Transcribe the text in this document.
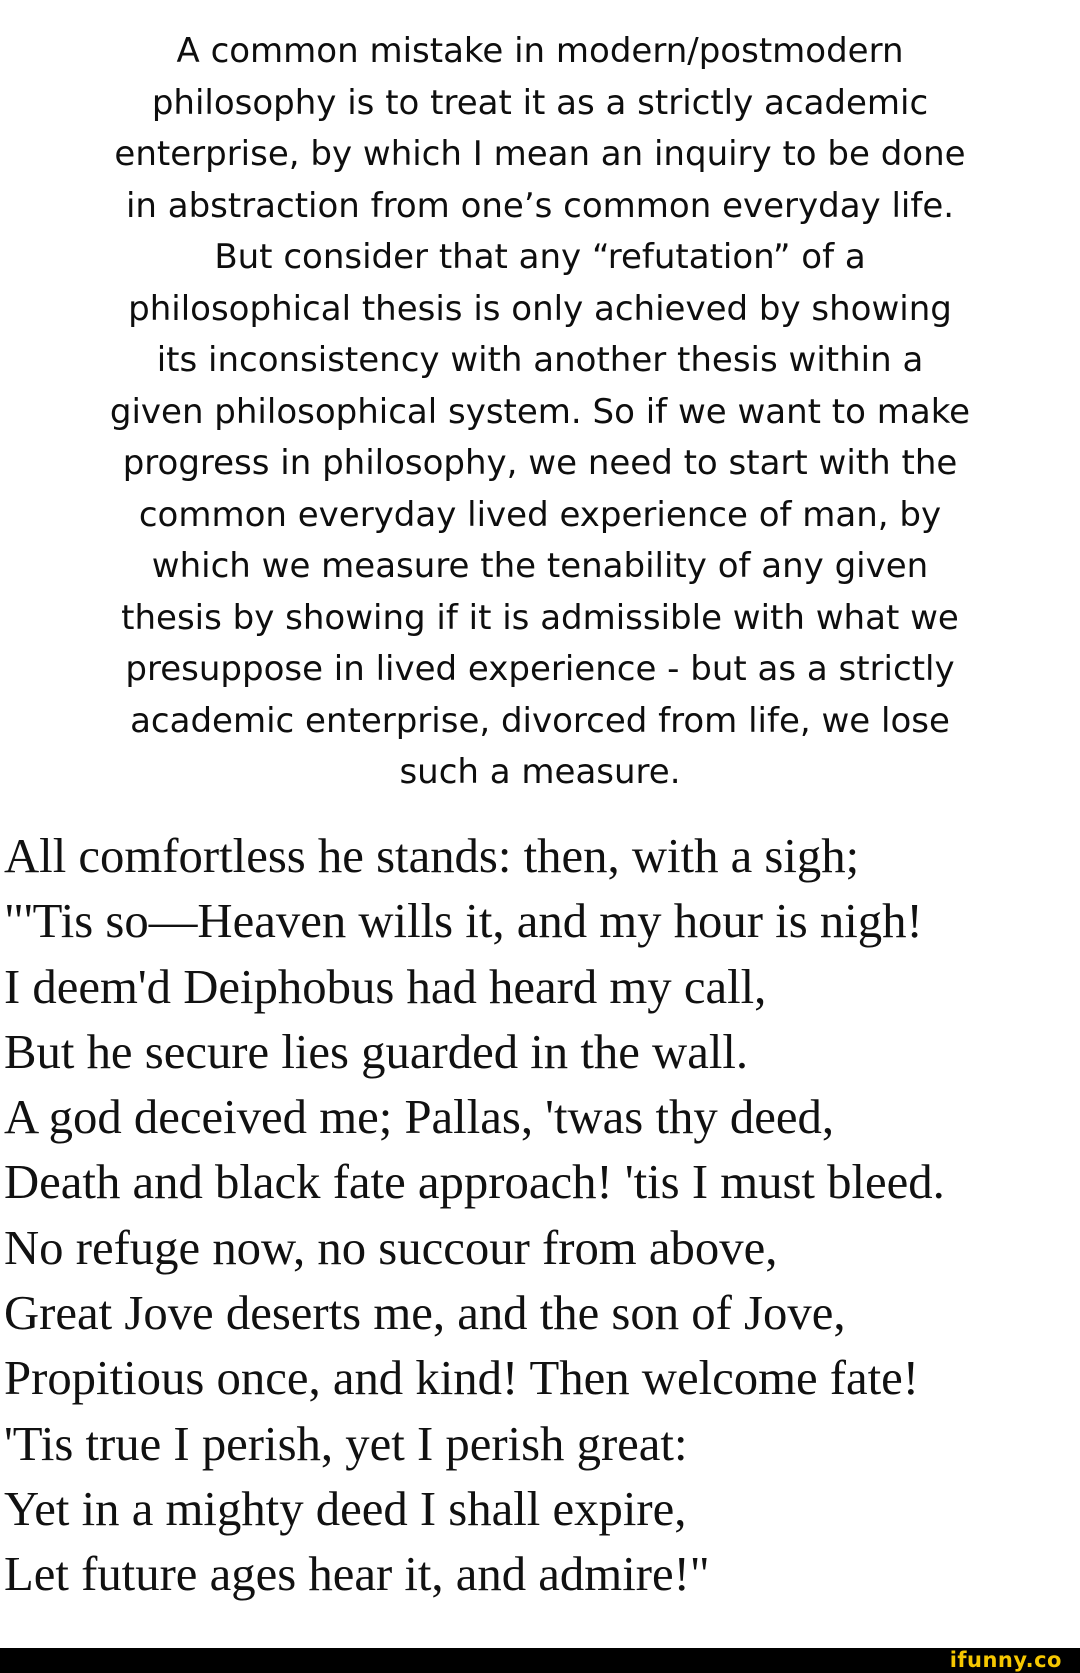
A common mistake in modern/postmodern
philosophy is to treat it as a strictly academic
enterprise, by which I mean an inquiry to be done
in abstraction from one’s common everyday life.
But consider that any “refutation” of a
philosophical thesis is only achieved by showing
its inconsistency with another thesis within a
given philosophical system. So if we want to make
progress in philosophy, we need to start with the
common everyday lived experience of man, by
which we measure the tenability of any given
thesis by showing if it is admissible with what we
presuppose in lived experience - but as a strictly
academic enterprise, divorced from life, we lose
such a measure.
All comfortless he stands: then, with a sigh;
"'Tis so—Heaven wills it, and my hour is nigh!
I deem'd Deiphobus had heard my call,
But he secure lies guarded in the wall.
A god deceived me; Pallas, 'twas thy deed,
Death and black fate approach! 'tis I must bleed.
No refuge now, no succour from above,
Great Jove deserts me, and the son of Jove,
Propitious once, and kind! Then welcome fate!
'Tis true I perish, yet I perish great:
Yet in a mighty deed I shall expire,
Let future ages hear it, and admire!"
ifunny.co
